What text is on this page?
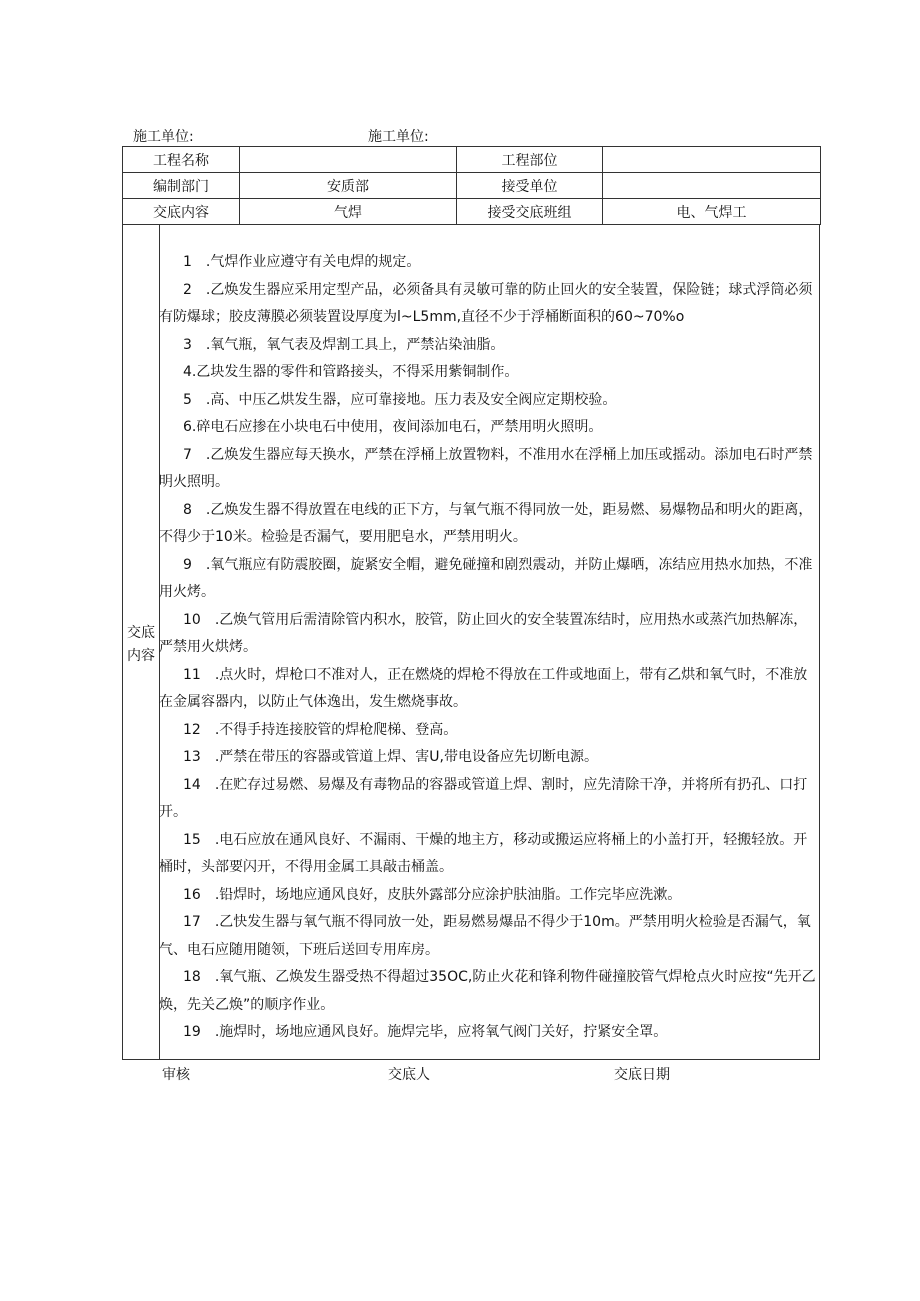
施工单位:	施工单位:
工程名称		工程部位	
编制部门	安质部	接受单位	
交底内容	气焊	接受交底班组	电、气焊工
1　.气焊作业应遵守有关电焊的规定。
2　.乙焕发生器应采用定型产品，必须备具有灵敏可靠的防止回火的安全装置，保险链；球式浮筒必须有防爆球；胶皮薄膜必须装置设厚度为l~L5mm,直径不少于浮桶断面积的60~70%o
3　.氧气瓶，氧气表及焊割工具上，严禁沾染油脂。
4.乙块发生器的零件和管路接头，不得采用紫铜制作。
5　.高、中压乙烘发生器，应可靠接地。压力表及安全阀应定期校验。
6.碎电石应掺在小块电石中使用，夜间添加电石，严禁用明火照明。
7　.乙焕发生器应每天换水，严禁在浮桶上放置物料，不准用水在浮桶上加压或摇动。添加电石时严禁明火照明。
8　.乙焕发生器不得放置在电线的正下方，与氧气瓶不得同放一处，距易燃、易爆物品和明火的距离，不得少于10米。检验是否漏气，要用肥皂水，严禁用明火。
9　.氧气瓶应有防震胶圈，旋紧安全帽，避免碰撞和剧烈震动，并防止爆晒，冻结应用热水加热，不准用火烤。
10　.乙焕气管用后需清除管内积水，胶管，防止回火的安全装置冻结时，应用热水或蒸汽加热解冻，严禁用火烘烤。
11　.点火时，焊枪口不准对人，正在燃烧的焊枪不得放在工件或地面上，带有乙烘和氧气时，不准放在金属容器内，以防止气体逸出，发生燃烧事故。
12　.不得手持连接胶管的焊枪爬梯、登高。
13　.严禁在带压的容器或管道上焊、害U,带电设备应先切断电源。
14　.在贮存过易燃、易爆及有毒物品的容器或管道上焊、割时，应先清除干净，并将所有扔孔、口打开。
15　.电石应放在通风良好、不漏雨、干燥的地主方，移动或搬运应将桶上的小盖打开，轻搬轻放。开桶时，头部要闪开，不得用金属工具敲击桶盖。
16　.铅焊时，场地应通风良好，皮肤外露部分应涂护肤油脂。工作完毕应洗漱。
17　.乙快发生器与氧气瓶不得同放一处，距易燃易爆品不得少于10m。严禁用明火检验是否漏气，氧气、电石应随用随领，下班后送回专用库房。
18　.氧气瓶、乙焕发生器受热不得超过35OC,防止火花和锋利物件碰撞胶管气焊枪点火时应按“先开乙焕，先关乙焕”的顺序作业。
19　.施焊时，场地应通风良好。施焊完毕，应将氧气阀门关好，拧紧安全罩。
交底
内容
审核	交底人	交底日期
